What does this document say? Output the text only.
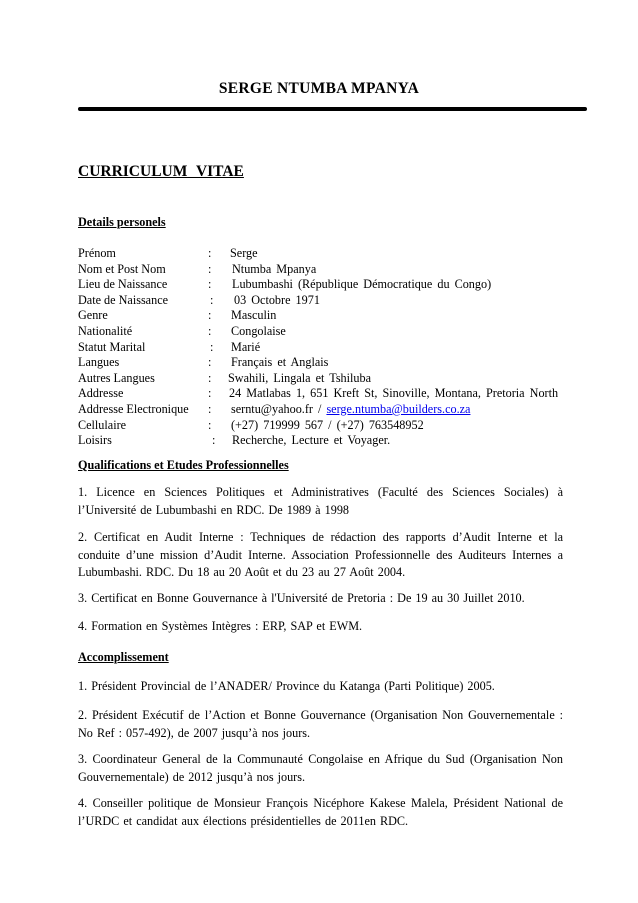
SERGE NTUMBA MPANYA
CURRICULUM VITAE
Details personels
Prénom	: Serge
Nom et Post Nom	: Ntumba Mpanya
Lieu de Naissance	: Lubumbashi (République Démocratique du Congo)
Date de Naissance	: 03 Octobre 1971
Genre	: Masculin
Nationalité	: Congolaise
Statut Marital	: Marié
Langues	: Français et Anglais
Autres Langues	: Swahili, Lingala et Tshiluba
Addresse	: 24 Matlabas 1, 651 Kreft St, Sinoville, Montana, Pretoria North
Addresse Electronique : serntu@yahoo.fr / serge.ntumba@builders.co.za
Cellulaire	: (+27) 719999 567 / (+27) 763548952
Loisirs	: Recherche, Lecture et Voyager.
Qualifications et Etudes Professionnelles
1. Licence en Sciences Politiques et Administratives (Faculté des Sciences Sociales) à l’Université de Lubumbashi en RDC. De 1989 à 1998
2. Certificat en Audit Interne : Techniques de rédaction des rapports d’Audit Interne et la conduite d’une mission d’Audit Interne. Association Professionnelle des Auditeurs Internes a Lubumbashi. RDC. Du 18 au 20 Août et du 23 au 27 Août 2004.
3. Certificat en Bonne Gouvernance à l'Université de Pretoria : De 19 au 30 Juillet 2010.
4. Formation en Systèmes Intègres : ERP, SAP et EWM.
Accomplissement
1. Président Provincial de l’ANADER/ Province du Katanga (Parti Politique) 2005.
2. Président Exécutif de l’Action et Bonne Gouvernance (Organisation Non Gouvernementale : No Ref : 057-492), de 2007 jusqu’à nos jours.
3. Coordinateur General de la Communauté Congolaise en Afrique du Sud (Organisation Non Gouvernementale) de 2012 jusqu’à nos jours.
4. Conseiller politique de Monsieur François Nicéphore Kakese Malela, Président National de l’URDC et candidat aux élections présidentielles de 2011en RDC.
